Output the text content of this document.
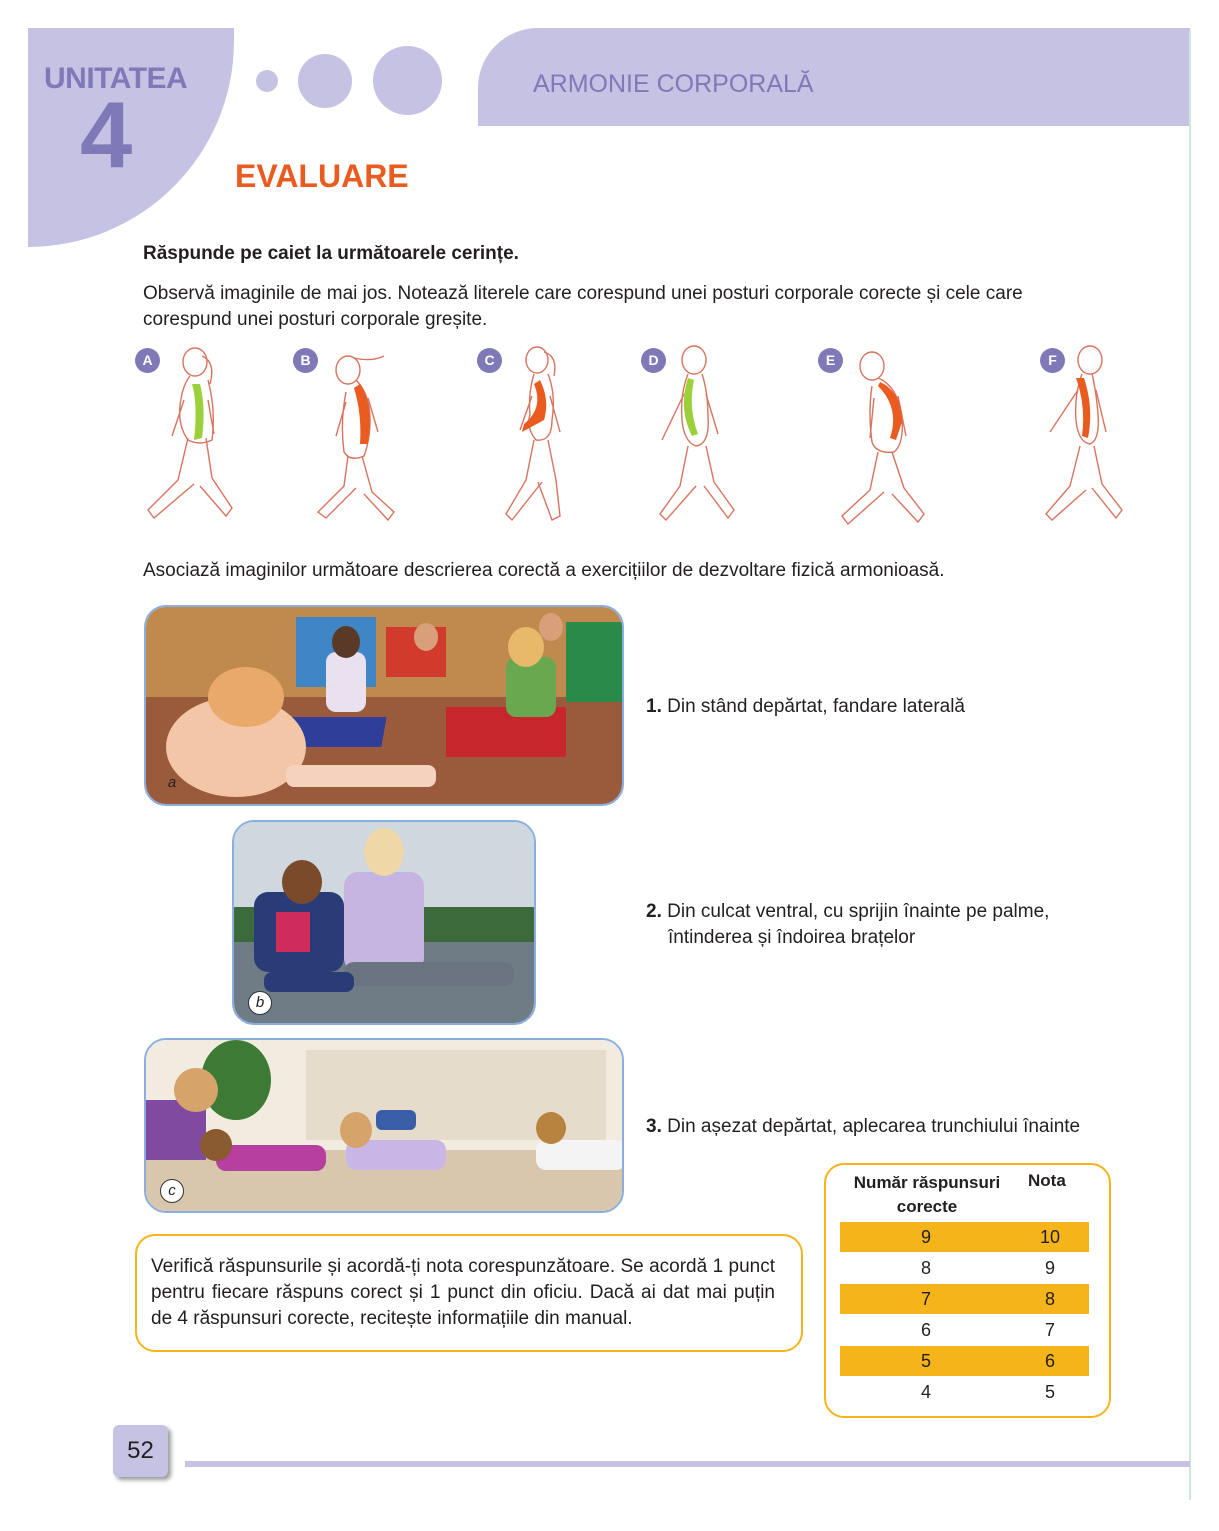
UNITATEA
4	ARMONIE CORPORALĂ
EVALUARE
Răspunde pe caiet la următoarele cerințe.
Observă imaginile de mai jos. Notează literele care corespund unei posturi corporale corecte și cele care
corespund unei posturi corporale greșite.
A	B	C	D	E	F
Asociază imaginilor următoare descrierea corectă a exercițiilor de dezvoltare fizică armonioasă.
a
b
c
1. Din stând depărtat, fandare laterală
2. Din culcat ventral, cu sprijin înainte pe palme,
întinderea și îndoirea brațelor
3. Din așezat depărtat, aplecarea trunchiului înainte
Verifică răspunsurile și acordă-ți nota corespunzătoare. Se acordă 1 punct pentru fiecare răspuns corect și 1 punct din oficiu. Dacă ai dat mai puțin de 4 răspunsuri corecte, recitește informațiile din manual.
Număr răspunsuri corecte
Nota
9	10
8	9
7	8
6	7
5	6
4	5
52
